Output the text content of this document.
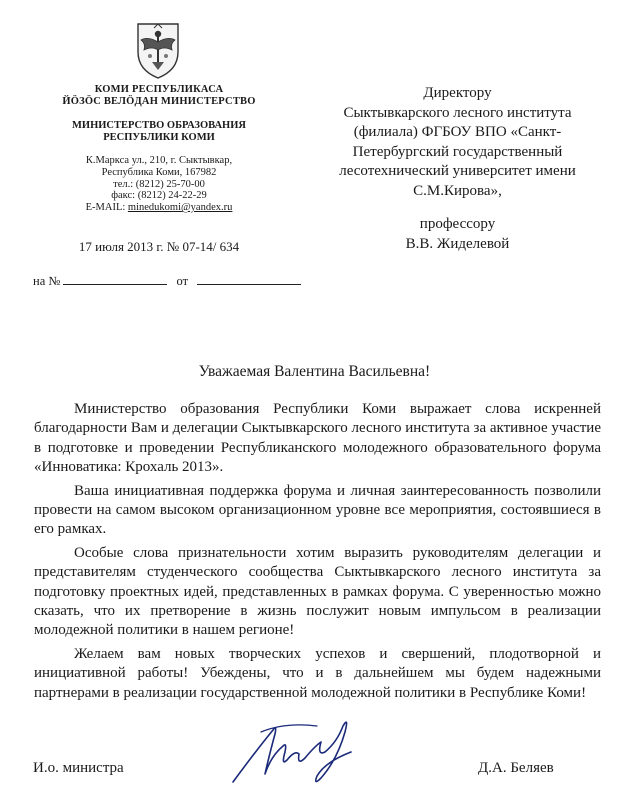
КОМИ РЕСПУБЛИКАСА
ЙÖЗÖС ВЕЛÖДАН МИНИСТЕРСТВО
МИНИСТЕРСТВО ОБРАЗОВАНИЯ
РЕСПУБЛИКИ КОМИ
К.Маркса ул., 210, г. Сыктывкар,
Республика Коми, 167982
тел.: (8212) 25-70-00
факс: (8212) 24-22-29
E-MAIL: minedukomi@yandex.ru
17 июля 2013 г. № 07-14/ 634
на №	от
Директору
Сыктывкарского лесного института
(филиала) ФГБОУ ВПО «Санкт-
Петербургский государственный
лесотехнический университет имени
С.М.Кирова»,
профессору
В.В. Жиделевой
Уважаемая Валентина Васильевна!

Министерство образования Республики Коми выражает слова искренней благодарности Вам и делегации Сыктывкарского лесного института за активное участие в подготовке и проведении Республиканского молодежного образовательного форума «Инноватика: Крохаль 2013».

Ваша инициативная поддержка форума и личная заинтересованность позволили провести на самом высоком организационном уровне все мероприятия, состоявшиеся в его рамках.

Особые слова признательности хотим выразить руководителям делегации и представителям студенческого сообщества Сыктывкарского лесного института за подготовку проектных идей, представленных в рамках форума. С уверенностью можно сказать, что их претворение в жизнь послужит новым импульсом в реализации молодежной политики в нашем регионе!

Желаем вам новых творческих успехов и свершений, плодотворной и инициативной работы! Убеждены, что и в дальнейшем мы будем надежными партнерами в реализации государственной молодежной политики в Республике Коми!

И.о. министра	Д.А. Беляев
